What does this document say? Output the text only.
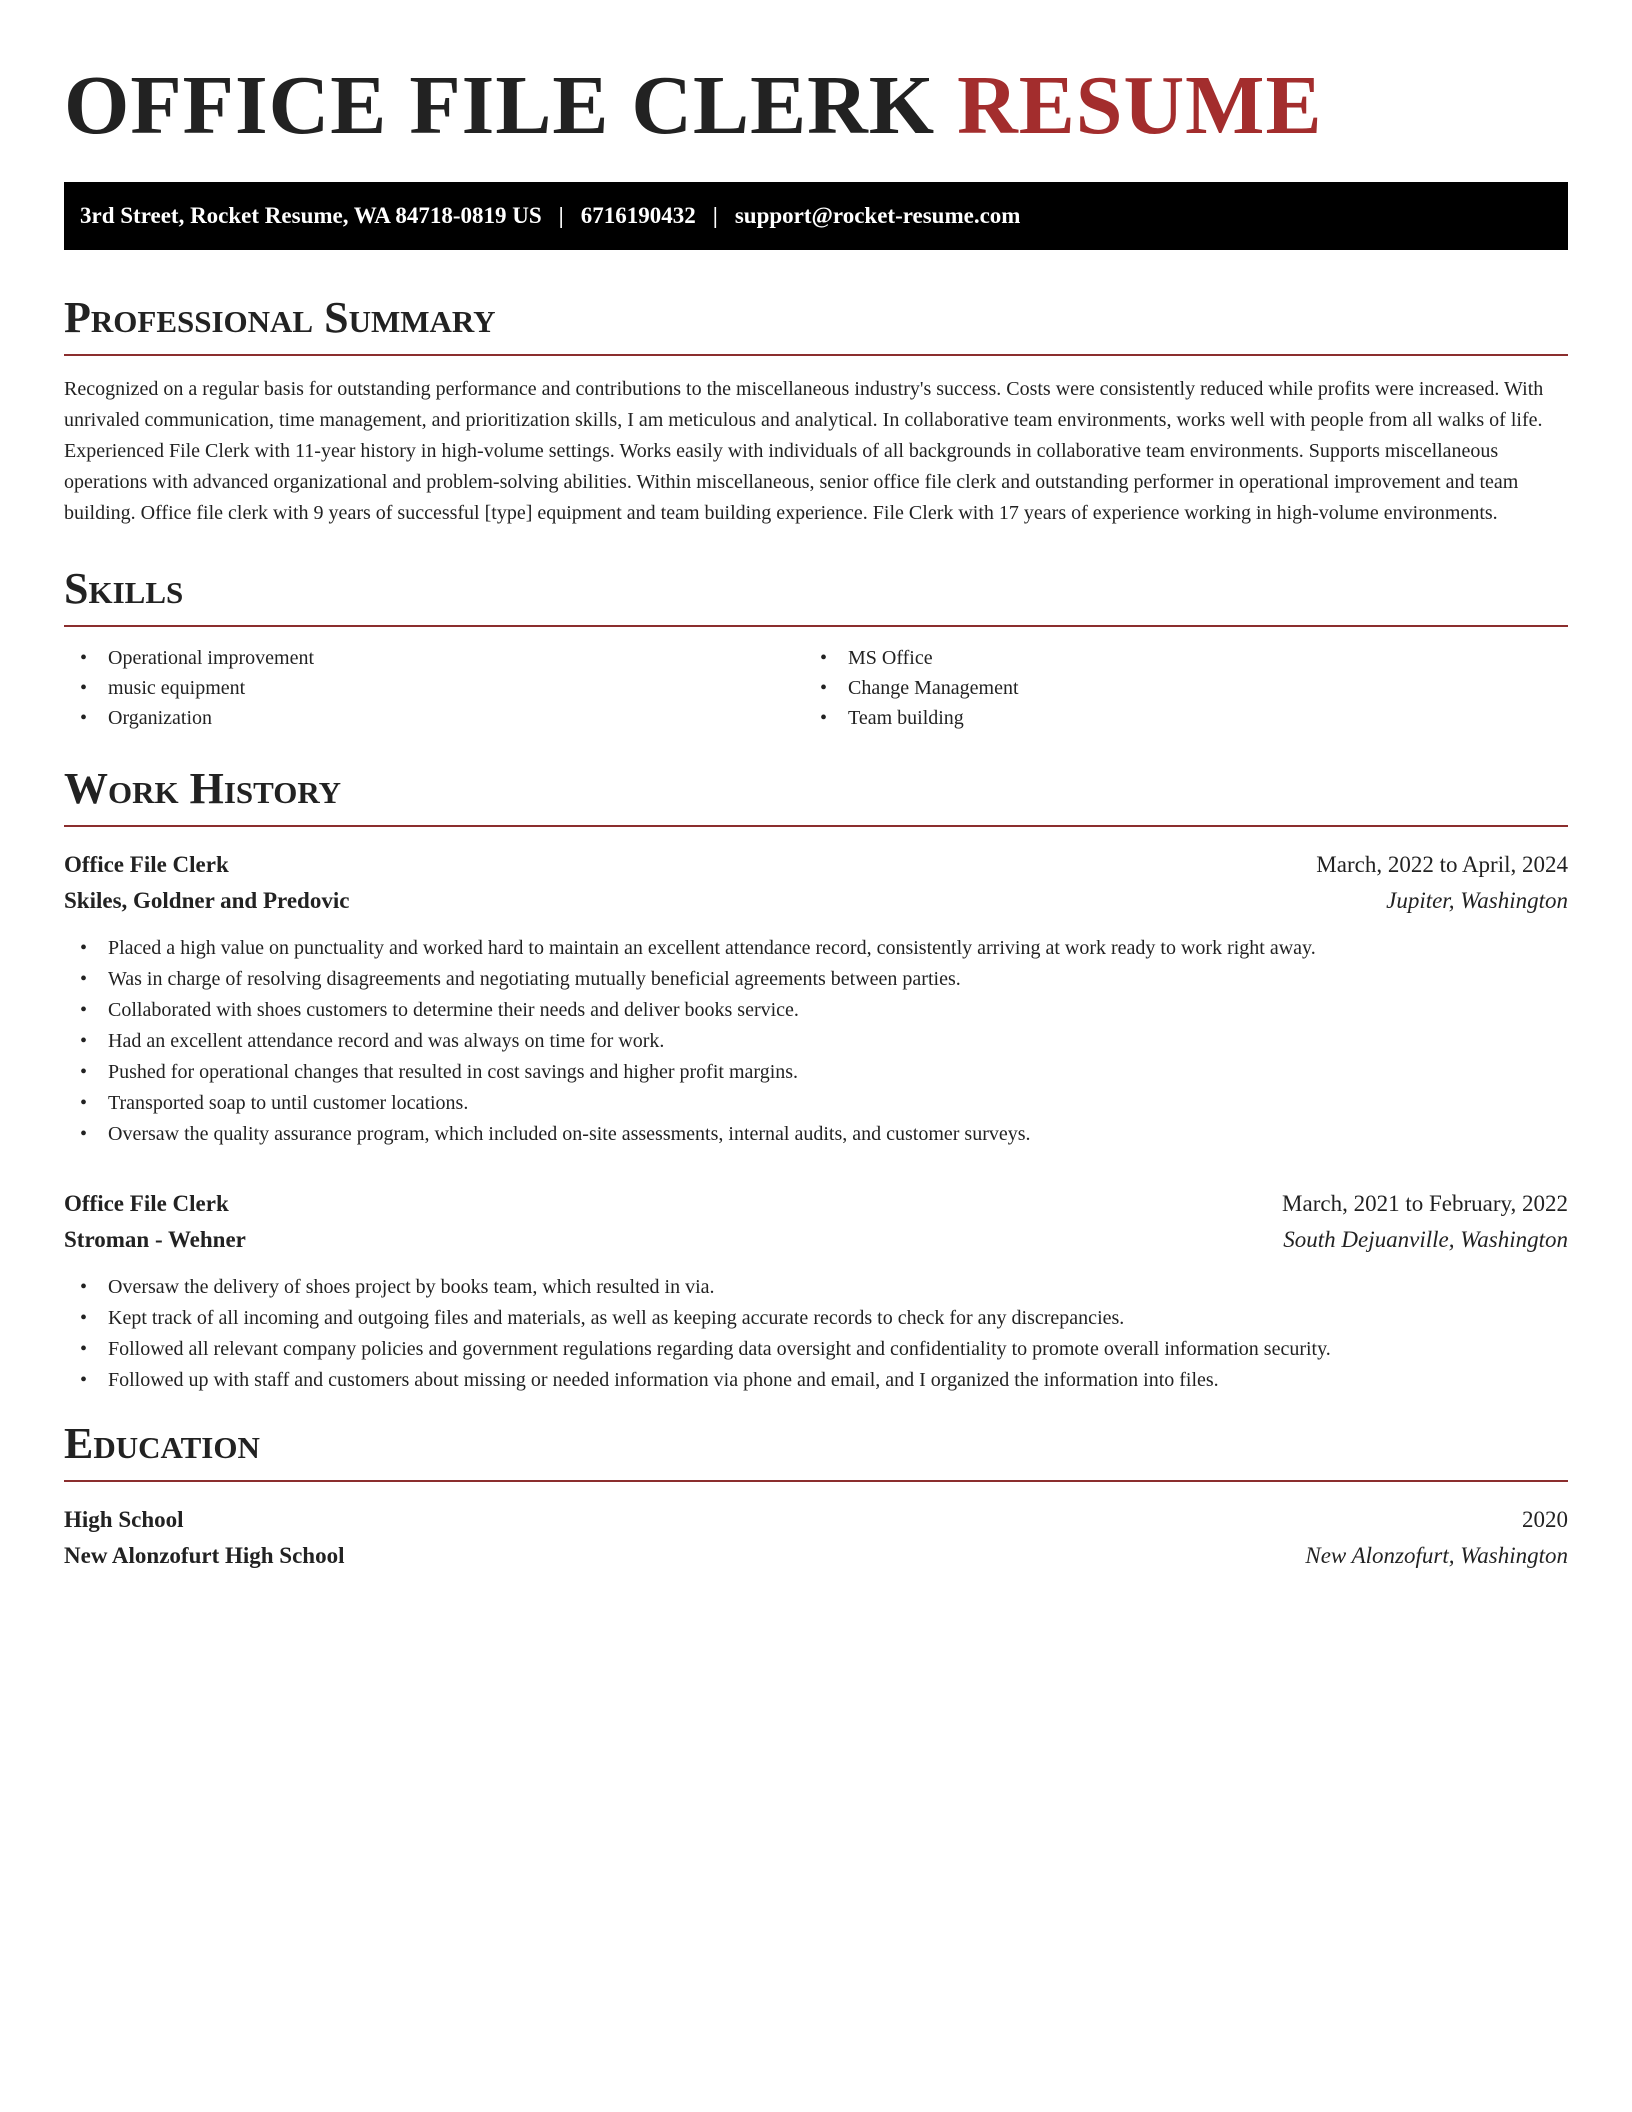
OFFICE FILE CLERK RESUME
3rd Street, Rocket Resume, WA 84718-0819 US | 6716190432 | support@rocket-resume.com
Professional Summary

Recognized on a regular basis for outstanding performance and contributions to the miscellaneous industry's success. Costs were consistently reduced while profits were increased. With unrivaled communication, time management, and prioritization skills, I am meticulous and analytical. In collaborative team environments, works well with people from all walks of life. Experienced File Clerk with 11-year history in high-volume settings. Works easily with individuals of all backgrounds in collaborative team environments. Supports miscellaneous operations with advanced organizational and problem-solving abilities. Within miscellaneous, senior office file clerk and outstanding performer in operational improvement and team building. Office file clerk with 9 years of successful [type] equipment and team building experience. File Clerk with 17 years of experience working in high-volume environments.

Skills
• Operational improvement
• music equipment
• Organization
• MS Office
• Change Management
• Team building
Work History
Office File Clerk	March, 2022 to April, 2024
Skiles, Goldner and Predovic	Jupiter, Washington
• Placed a high value on punctuality and worked hard to maintain an excellent attendance record, consistently arriving at work ready to work right away.
• Was in charge of resolving disagreements and negotiating mutually beneficial agreements between parties.
• Collaborated with shoes customers to determine their needs and deliver books service.
• Had an excellent attendance record and was always on time for work.
• Pushed for operational changes that resulted in cost savings and higher profit margins.
• Transported soap to until customer locations.
• Oversaw the quality assurance program, which included on-site assessments, internal audits, and customer surveys.
Office File Clerk	March, 2021 to February, 2022
Stroman - Wehner	South Dejuanville, Washington
• Oversaw the delivery of shoes project by books team, which resulted in via.
• Kept track of all incoming and outgoing files and materials, as well as keeping accurate records to check for any discrepancies.
• Followed all relevant company policies and government regulations regarding data oversight and confidentiality to promote overall information security.
• Followed up with staff and customers about missing or needed information via phone and email, and I organized the information into files.
Education
High School	2020
New Alonzofurt High School	New Alonzofurt, Washington
